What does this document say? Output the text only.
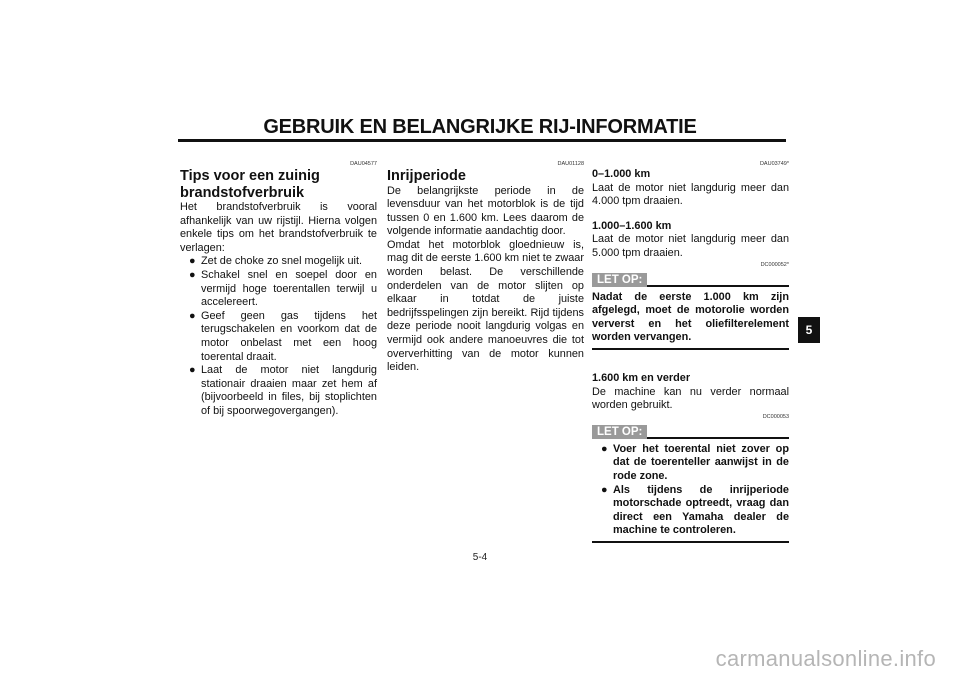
GEBRUIK EN BELANGRIJKE RIJ-INFORMATIE
DAU04577
Tips voor een zuinig brandstofverbruik

Het brandstofverbruik is vooral afhankelijk van uw rijstijl. Hierna volgen enkele tips om het brandstofverbruik te verlagen:

● Zet de choke zo snel mogelijk uit.
● Schakel snel en soepel door en vermijd hoge toerentallen terwijl u accelereert.
● Geef geen gas tijdens het terugschakelen en voorkom dat de motor onbelast met een hoog toerental draait.
● Laat de motor niet langdurig stationair draaien maar zet hem af (bijvoorbeeld in files, bij stoplichten of bij spoorwegovergangen).
DAU01128
Inrijperiode

De belangrijkste periode in de levensduur van het motorblok is de tijd tussen 0 en 1.600 km. Lees daarom de volgende informatie aandachtig door.

Omdat het motorblok gloednieuw is, mag dit de eerste 1.600 km niet te zwaar worden belast. De verschillende onderdelen van de motor slijten op elkaar in totdat de juiste bedrijfsspelingen zijn bereikt. Rijd tijdens deze periode nooit langdurig volgas en vermijd ook andere manoeuvres die tot oververhitting van de motor kunnen leiden.

DAU03749*
0–1.000 km

Laat de motor niet langdurig meer dan 4.000 tpm draaien.

1.000–1.600 km

Laat de motor niet langdurig meer dan 5.000 tpm draaien.

DC000052*
LET OP:

Nadat de eerste 1.000 km zijn afgelegd, moet de motorolie worden ververst en het oliefilterelement worden vervangen.

1.600 km en verder

De machine kan nu verder normaal worden gebruikt.

DC000053
LET OP:
● Voer het toerental niet zover op dat de toerenteller aanwijst in de rode zone.
● Als tijdens de inrijperiode motorschade optreedt, vraag dan direct een Yamaha dealer de machine te controleren.
5
5-4
carmanualsonline.info
